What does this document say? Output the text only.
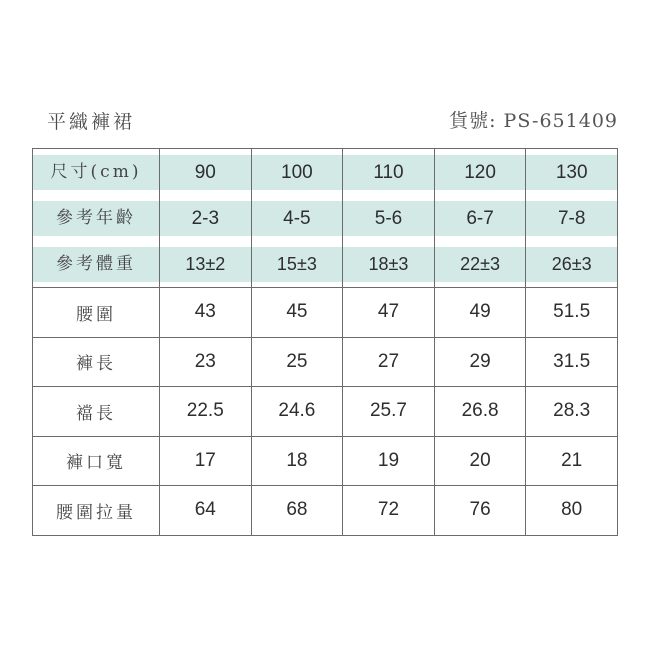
平織褲裙	貨號: PS-651409
尺寸(cm)	90	100	110	120	130

參考年齡	2-3	4-5	5-6	6-7	7-8

參考體重	13±2	15±3	18±3	22±3	26±3

腰圍	43	45	47	49	51.5
褲長	23	25	27	29	31.5
襠長	22.5	24.6	25.7	26.8	28.3
褲口寬	17	18	19	20	21
腰圍拉量	64	68	72	76	80
